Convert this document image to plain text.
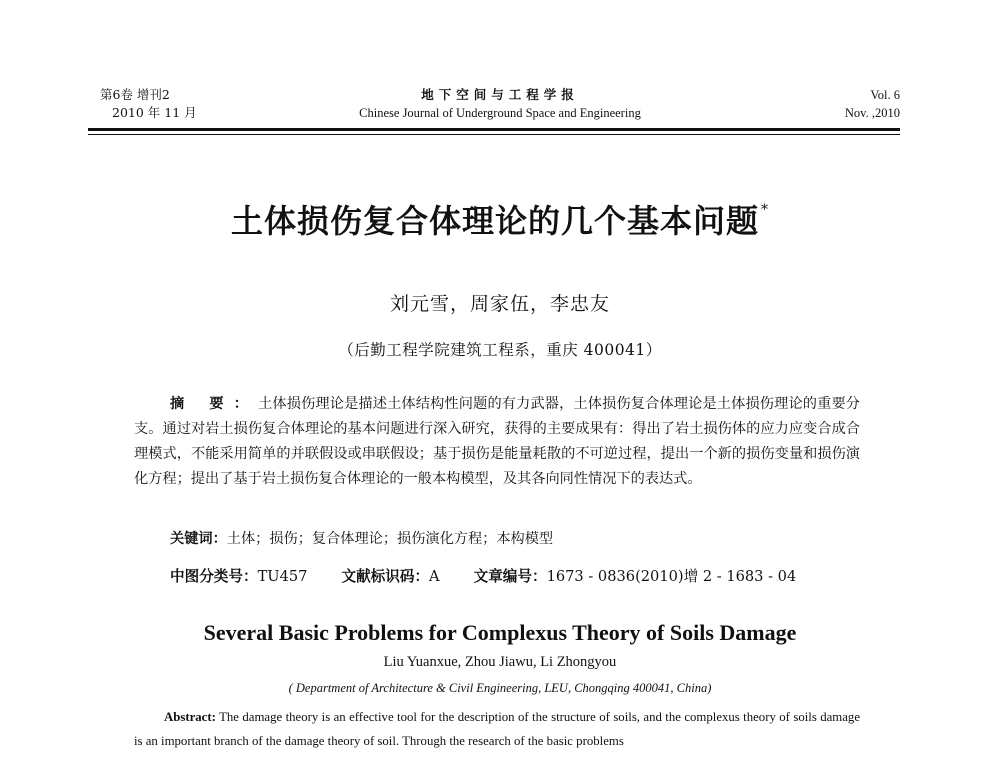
第6卷 增刊2
2010 年 11 月
地下空间与工程学报
Chinese Journal of Underground Space and Engineering
Vol. 6
Nov. ,2010
土体损伤复合体理论的几个基本问题 *
刘元雪，周家伍，李忠友
（后勤工程学院建筑工程系，重庆 400041）
摘 要：土体损伤理论是描述土体结构性问题的有力武器，土体损伤复合体理论是土体损伤理论的重要分支。通过对岩土损伤复合体理论的基本问题进行深入研究，获得的主要成果有：得出了岩土损伤体的应力应变合成合理模式，不能采用简单的并联假设或串联假设；基于损伤是能量耗散的不可逆过程，提出一个新的损伤变量和损伤演化方程；提出了基于岩土损伤复合体理论的一般本构模型，及其各向同性情况下的表达式。
关键词：土体；损伤；复合体理论；损伤演化方程；本构模型
中图分类号：TU457 文献标识码：A 文章编号：1673 - 0836(2010)增 2 - 1683 - 04
Several Basic Problems for Complexus Theory of Soils Damage
Liu Yuanxue, Zhou Jiawu, Li Zhongyou
( Department of Architecture & Civil Engineering, LEU, Chongqing 400041, China)
Abstract: The damage theory is an effective tool for the description of the structure of soils, and the complexus theory of soils damage is an important branch of the damage theory of soil. Through the research of the basic problems
